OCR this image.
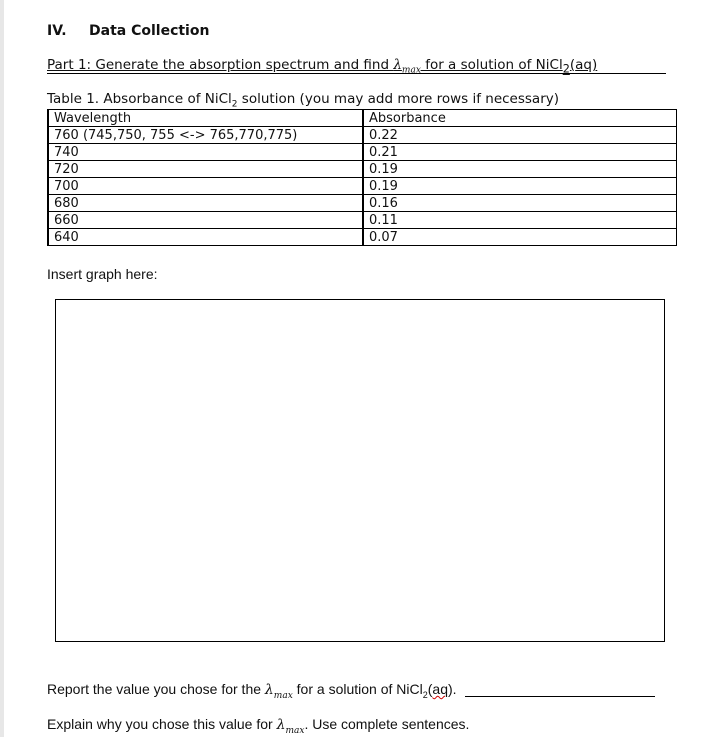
IV. Data Collection
Part 1: Generate the absorption spectrum and find $\lambda_{max}$ for a solution of NiCl$_2$(aq)
Table 1. Absorbance of NiCl$_2$ solution (you may add more rows if necessary)
Wavelength	Absorbance
760 (745,750, 755 <-> 765,770,775)	0.22
740	0.21
720	0.19
700	0.19
680	0.16
660	0.11
640	0.07
Insert graph here:
Report the value you chose for the $\lambda_{max}$ for a solution of NiCl$_2$(aq).
Explain why you chose this value for $\lambda_{max}$. Use complete sentences.
